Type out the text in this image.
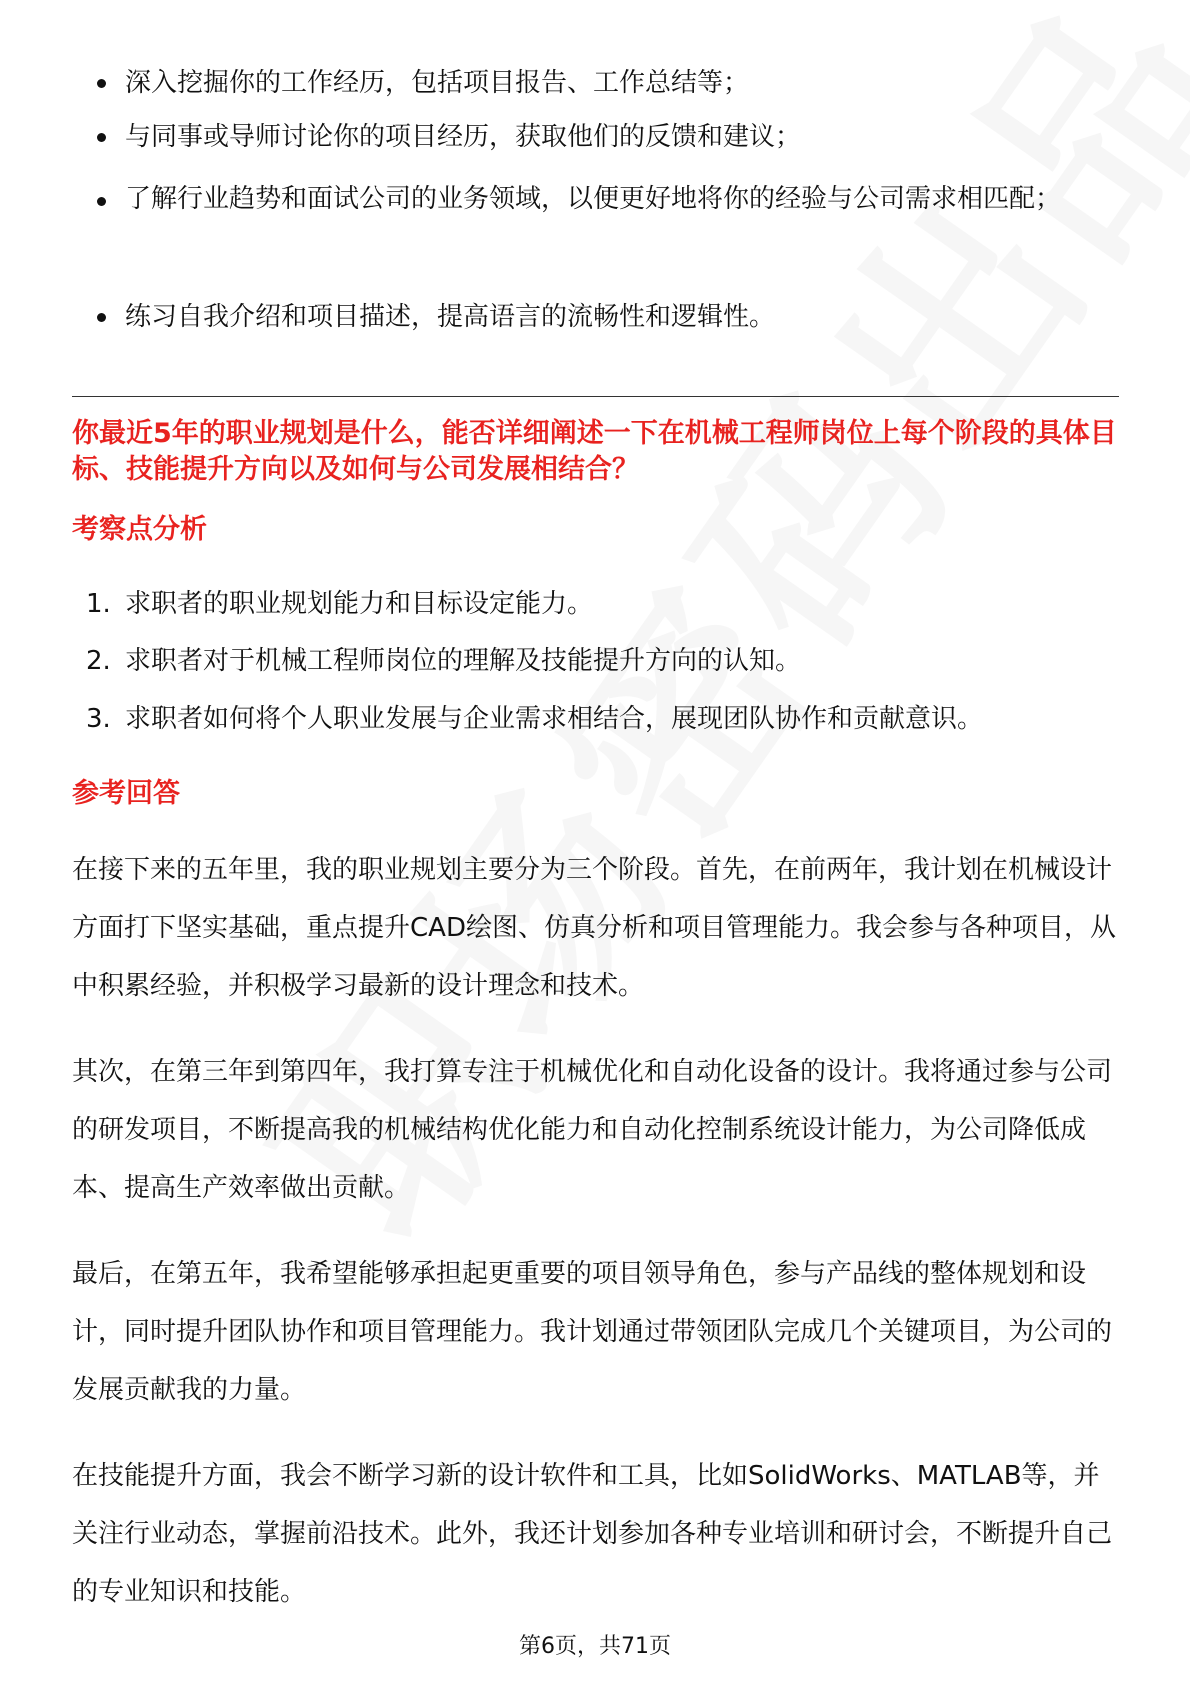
深入挖掘你的工作经历，包括项目报告、工作总结等；
与同事或导师讨论你的项目经历，获取他们的反馈和建议；
了解行业趋势和面试公司的业务领域，以便更好地将你的经验与公司需求相匹配；
练习自我介绍和项目描述，提高语言的流畅性和逻辑性。
你最近5年的职业规划是什么，能否详细阐述一下在机械工程师岗位上每个阶段的具体目标、技能提升方向以及如何与公司发展相结合？
考察点分析
1. 求职者的职业规划能力和目标设定能力。
2. 求职者对于机械工程师岗位的理解及技能提升方向的认知。
3. 求职者如何将个人职业发展与企业需求相结合，展现团队协作和贡献意识。
参考回答
在接下来的五年里，我的职业规划主要分为三个阶段。首先，在前两年，我计划在机械设计方面打下坚实基础，重点提升CAD绘图、仿真分析和项目管理能力。我会参与各种项目，从中积累经验，并积极学习最新的设计理念和技术。
其次，在第三年到第四年，我打算专注于机械优化和自动化设备的设计。我将通过参与公司的研发项目，不断提高我的机械结构优化能力和自动化控制系统设计能力，为公司降低成本、提高生产效率做出贡献。
最后，在第五年，我希望能够承担起更重要的项目领导角色，参与产品线的整体规划和设计，同时提升团队协作和项目管理能力。我计划通过带领团队完成几个关键项目，为公司的发展贡献我的力量。
在技能提升方面，我会不断学习新的设计软件和工具，比如SolidWorks、MATLAB等，并关注行业动态，掌握前沿技术。此外，我还计划参加各种专业培训和研讨会，不断提升自己的专业知识和技能。
第6页，共71页
